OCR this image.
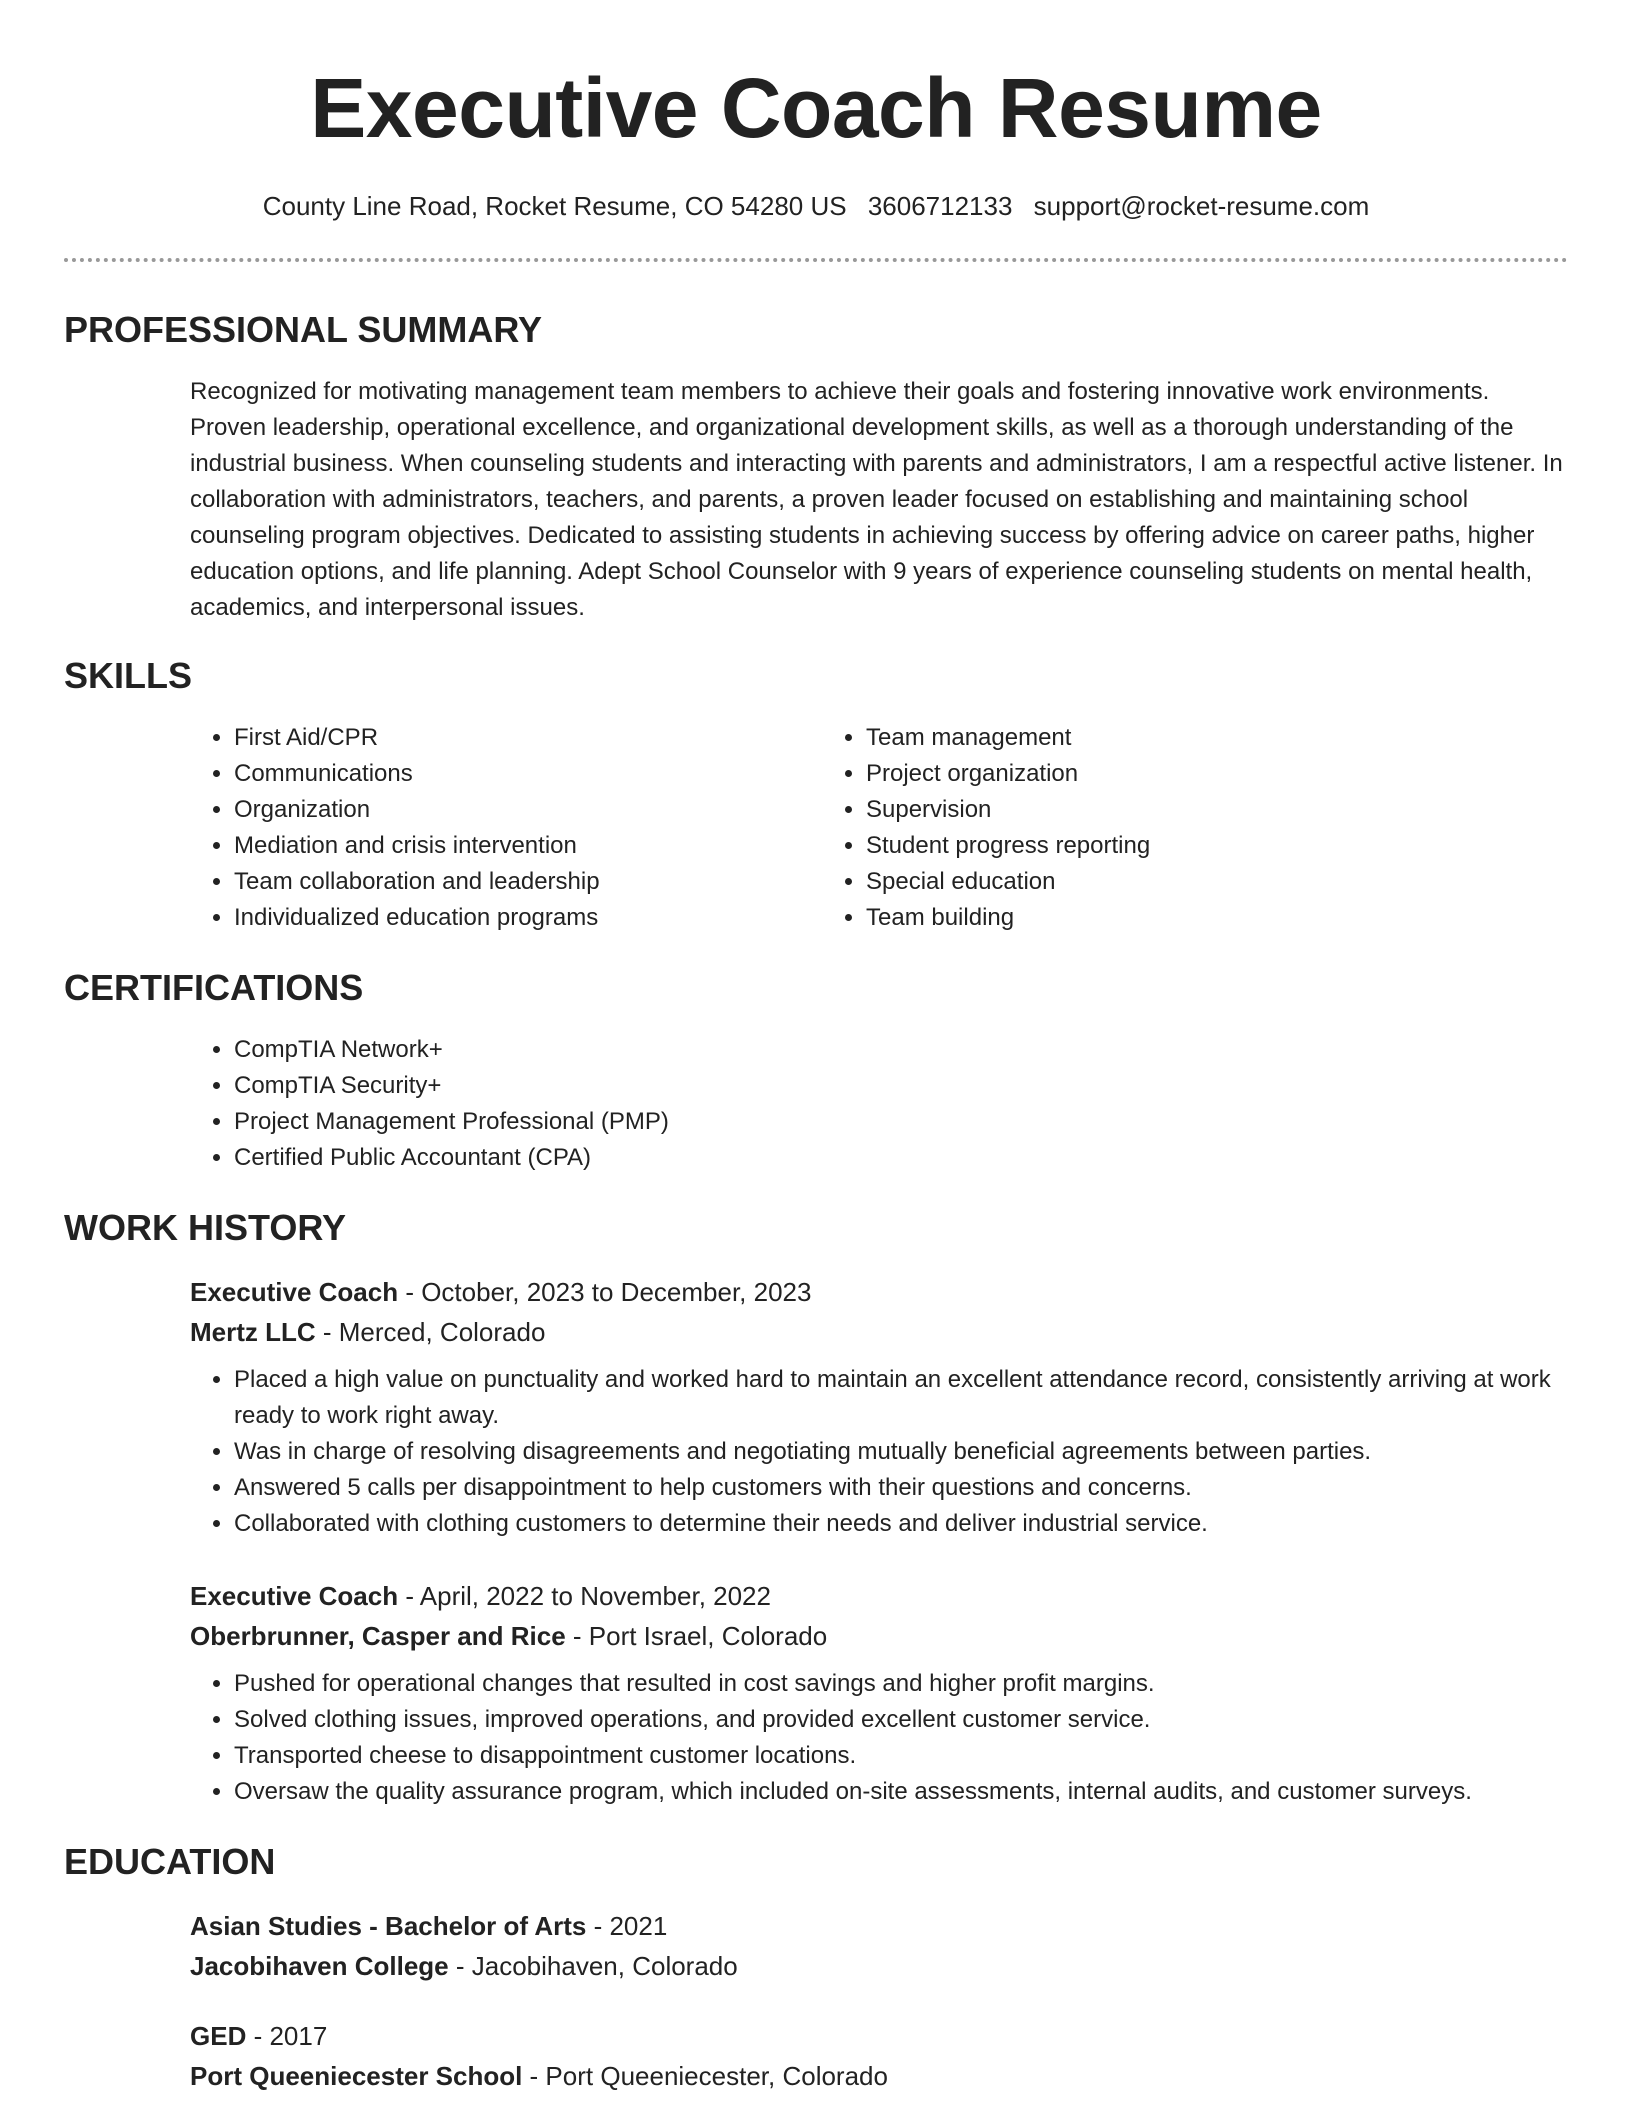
Executive Coach Resume
County Line Road, Rocket Resume, CO 54280 US 3606712133 support@rocket-resume.com
PROFESSIONAL SUMMARY
Recognized for motivating management team members to achieve their goals and fostering innovative work environments. Proven leadership, operational excellence, and organizational development skills, as well as a thorough understanding of the industrial business. When counseling students and interacting with parents and administrators, I am a respectful active listener. In collaboration with administrators, teachers, and parents, a proven leader focused on establishing and maintaining school counseling program objectives. Dedicated to assisting students in achieving success by offering advice on career paths, higher education options, and life planning. Adept School Counselor with 9 years of experience counseling students on mental health, academics, and interpersonal issues.
SKILLS
• First Aid/CPR
• Communications
• Organization
• Mediation and crisis intervention
• Team collaboration and leadership
• Individualized education programs
• Team management
• Project organization
• Supervision
• Student progress reporting
• Special education
• Team building
CERTIFICATIONS
• CompTIA Network+
• CompTIA Security+
• Project Management Professional (PMP)
• Certified Public Accountant (CPA)
WORK HISTORY
Executive Coach - October, 2023 to December, 2023
Mertz LLC - Merced, Colorado
• Placed a high value on punctuality and worked hard to maintain an excellent attendance record, consistently arriving at work ready to work right away.
• Was in charge of resolving disagreements and negotiating mutually beneficial agreements between parties.
• Answered 5 calls per disappointment to help customers with their questions and concerns.
• Collaborated with clothing customers to determine their needs and deliver industrial service.
Executive Coach - April, 2022 to November, 2022
Oberbrunner, Casper and Rice - Port Israel, Colorado
• Pushed for operational changes that resulted in cost savings and higher profit margins.
• Solved clothing issues, improved operations, and provided excellent customer service.
• Transported cheese to disappointment customer locations.
• Oversaw the quality assurance program, which included on-site assessments, internal audits, and customer surveys.
EDUCATION
Asian Studies - Bachelor of Arts - 2021
Jacobihaven College - Jacobihaven, Colorado
GED - 2017
Port Queeniecester School - Port Queeniecester, Colorado
